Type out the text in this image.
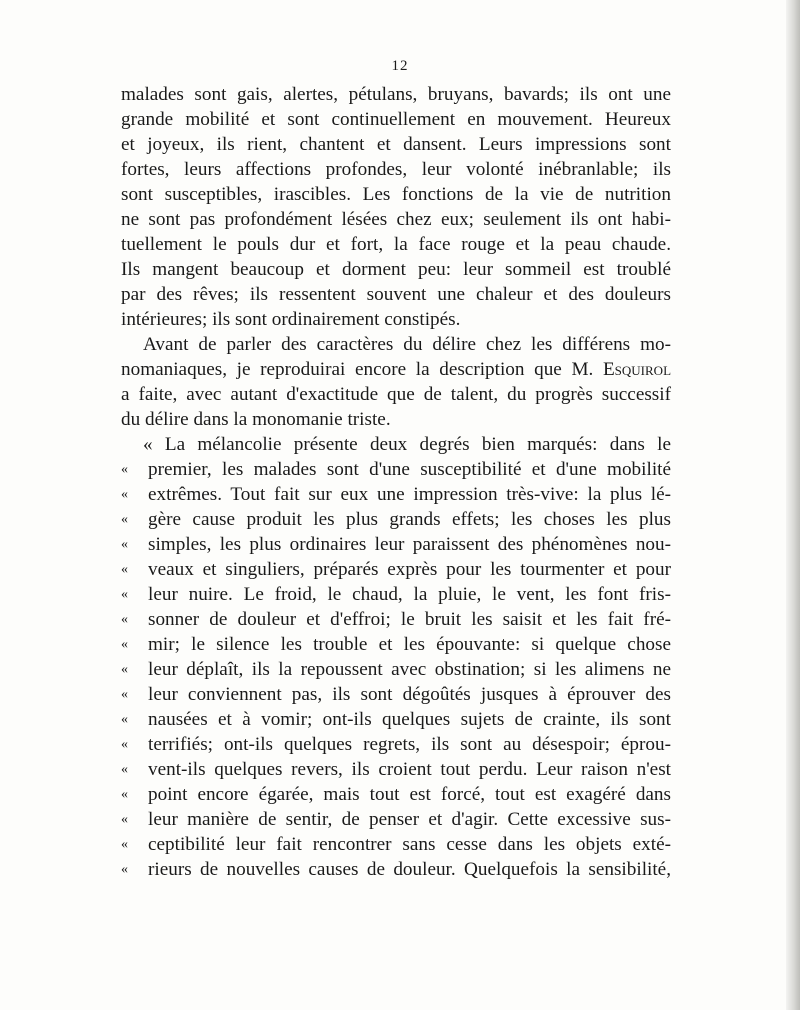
12
malades sont gais, alertes, pétulans, bruyans, bavards; ils ont une
grande mobilité et sont continuellement en mouvement. Heureux
et joyeux, ils rient, chantent et dansent. Leurs impressions sont
fortes, leurs affections profondes, leur volonté inébranlable; ils
sont susceptibles, irascibles. Les fonctions de la vie de nutrition
ne sont pas profondément lésées chez eux; seulement ils ont habi-
tuellement le pouls dur et fort, la face rouge et la peau chaude.
Ils mangent beaucoup et dorment peu: leur sommeil est troublé
par des rêves; ils ressentent souvent une chaleur et des douleurs
intérieures; ils sont ordinairement constipés.
Avant de parler des caractères du délire chez les différens mo-
nomaniaques, je reproduirai encore la description que M. Esquirol
a faite, avec autant d'exactitude que de talent, du progrès successif
du délire dans la monomanie triste.
« La mélancolie présente deux degrés bien marqués: dans le
« premier, les malades sont d'une susceptibilité et d'une mobilité
« extrêmes. Tout fait sur eux une impression très-vive: la plus lé-
« gère cause produit les plus grands effets; les choses les plus
« simples, les plus ordinaires leur paraissent des phénomènes nou-
« veaux et singuliers, préparés exprès pour les tourmenter et pour
« leur nuire. Le froid, le chaud, la pluie, le vent, les font fris-
« sonner de douleur et d'effroi; le bruit les saisit et les fait fré-
« mir; le silence les trouble et les épouvante: si quelque chose
« leur déplaît, ils la repoussent avec obstination; si les alimens ne
« leur conviennent pas, ils sont dégoûtés jusques à éprouver des
« nausées et à vomir; ont-ils quelques sujets de crainte, ils sont
« terrifiés; ont-ils quelques regrets, ils sont au désespoir; éprou-
« vent-ils quelques revers, ils croient tout perdu. Leur raison n'est
« point encore égarée, mais tout est forcé, tout est exagéré dans
« leur manière de sentir, de penser et d'agir. Cette excessive sus-
« ceptibilité leur fait rencontrer sans cesse dans les objets exté-
« rieurs de nouvelles causes de douleur. Quelquefois la sensibilité,
